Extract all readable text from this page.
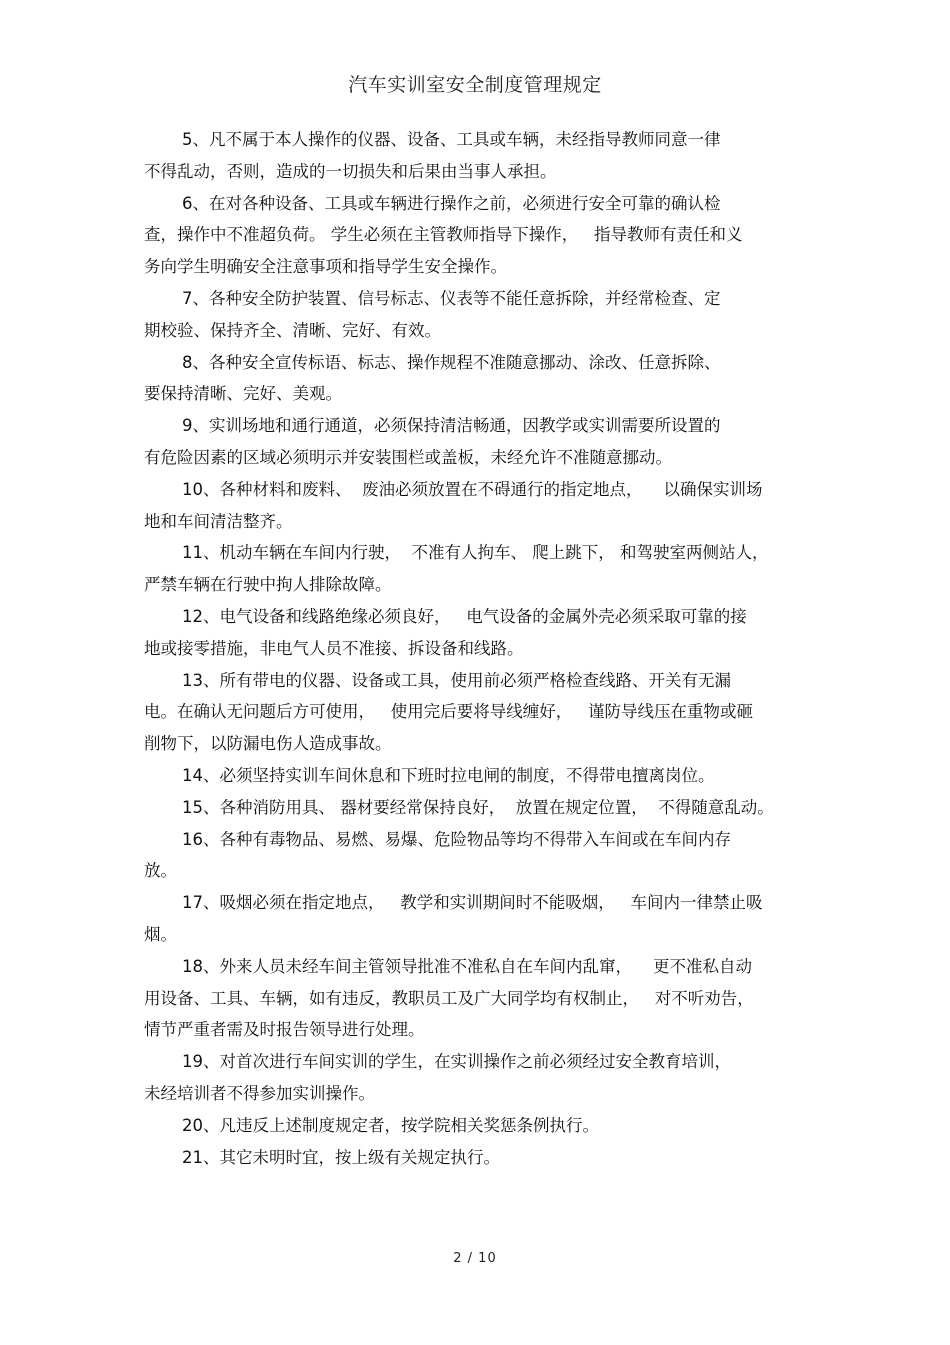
汽车实训室安全制度管理规定
5、凡不属于本人操作的仪器、设备、工具或车辆，未经指导教师同意一律
不得乱动，否则，造成的一切损失和后果由当事人承担。
6、在对各种设备、工具或车辆进行操作之前，必须进行安全可靠的确认检
查，操作中不准超负荷。 学生必须在主管教师指导下操作，   指导教师有责任和义
务向学生明确安全注意事项和指导学生安全操作。
7、各种安全防护装置、信号标志、仪表等不能任意拆除，并经常检查、定
期校验、保持齐全、清晰、完好、有效。
8、各种安全宣传标语、标志、操作规程不准随意挪动、涂改、任意拆除、
要保持清晰、完好、美观。
9、实训场地和通行通道，必须保持清洁畅通，因教学或实训需要所设置的
有危险因素的区域必须明示并安装围栏或盖板，未经允许不准随意挪动。
10、各种材料和废料、  废油必须放置在不碍通行的指定地点，    以确保实训场
地和车间清洁整齐。
11、机动车辆在车间内行驶，  不准有人拘车、 爬上跳下， 和驾驶室两侧站人，
严禁车辆在行驶中拘人排除故障。
12、电气设备和线路绝缘必须良好，   电气设备的金属外壳必须采取可靠的接
地或接零措施，非电气人员不准接、拆设备和线路。
13、所有带电的仪器、设备或工具，使用前必须严格检查线路、开关有无漏
电。在确认无问题后方可使用，   使用完后要将导线缠好，   谨防导线压在重物或砸
削物下，以防漏电伤人造成事故。
14、必须坚持实训车间休息和下班时拉电闸的制度，不得带电擅离岗位。
15、各种消防用具、 器材要经常保持良好，  放置在规定位置，  不得随意乱动。
16、各种有毒物品、易燃、易爆、危险物品等均不得带入车间或在车间内存
放。
17、吸烟必须在指定地点，   教学和实训期间时不能吸烟，   车间内一律禁止吸
烟。
18、外来人员未经车间主管领导批准不准私自在车间内乱窜，    更不准私自动
用设备、工具、车辆，如有违反，教职员工及广大同学均有权制止，   对不听劝告，
情节严重者需及时报告领导进行处理。
19、对首次进行车间实训的学生，在实训操作之前必须经过安全教育培训，
未经培训者不得参加实训操作。
20、凡违反上述制度规定者，按学院相关奖惩条例执行。
21、其它未明时宜，按上级有关规定执行。
2 / 10
